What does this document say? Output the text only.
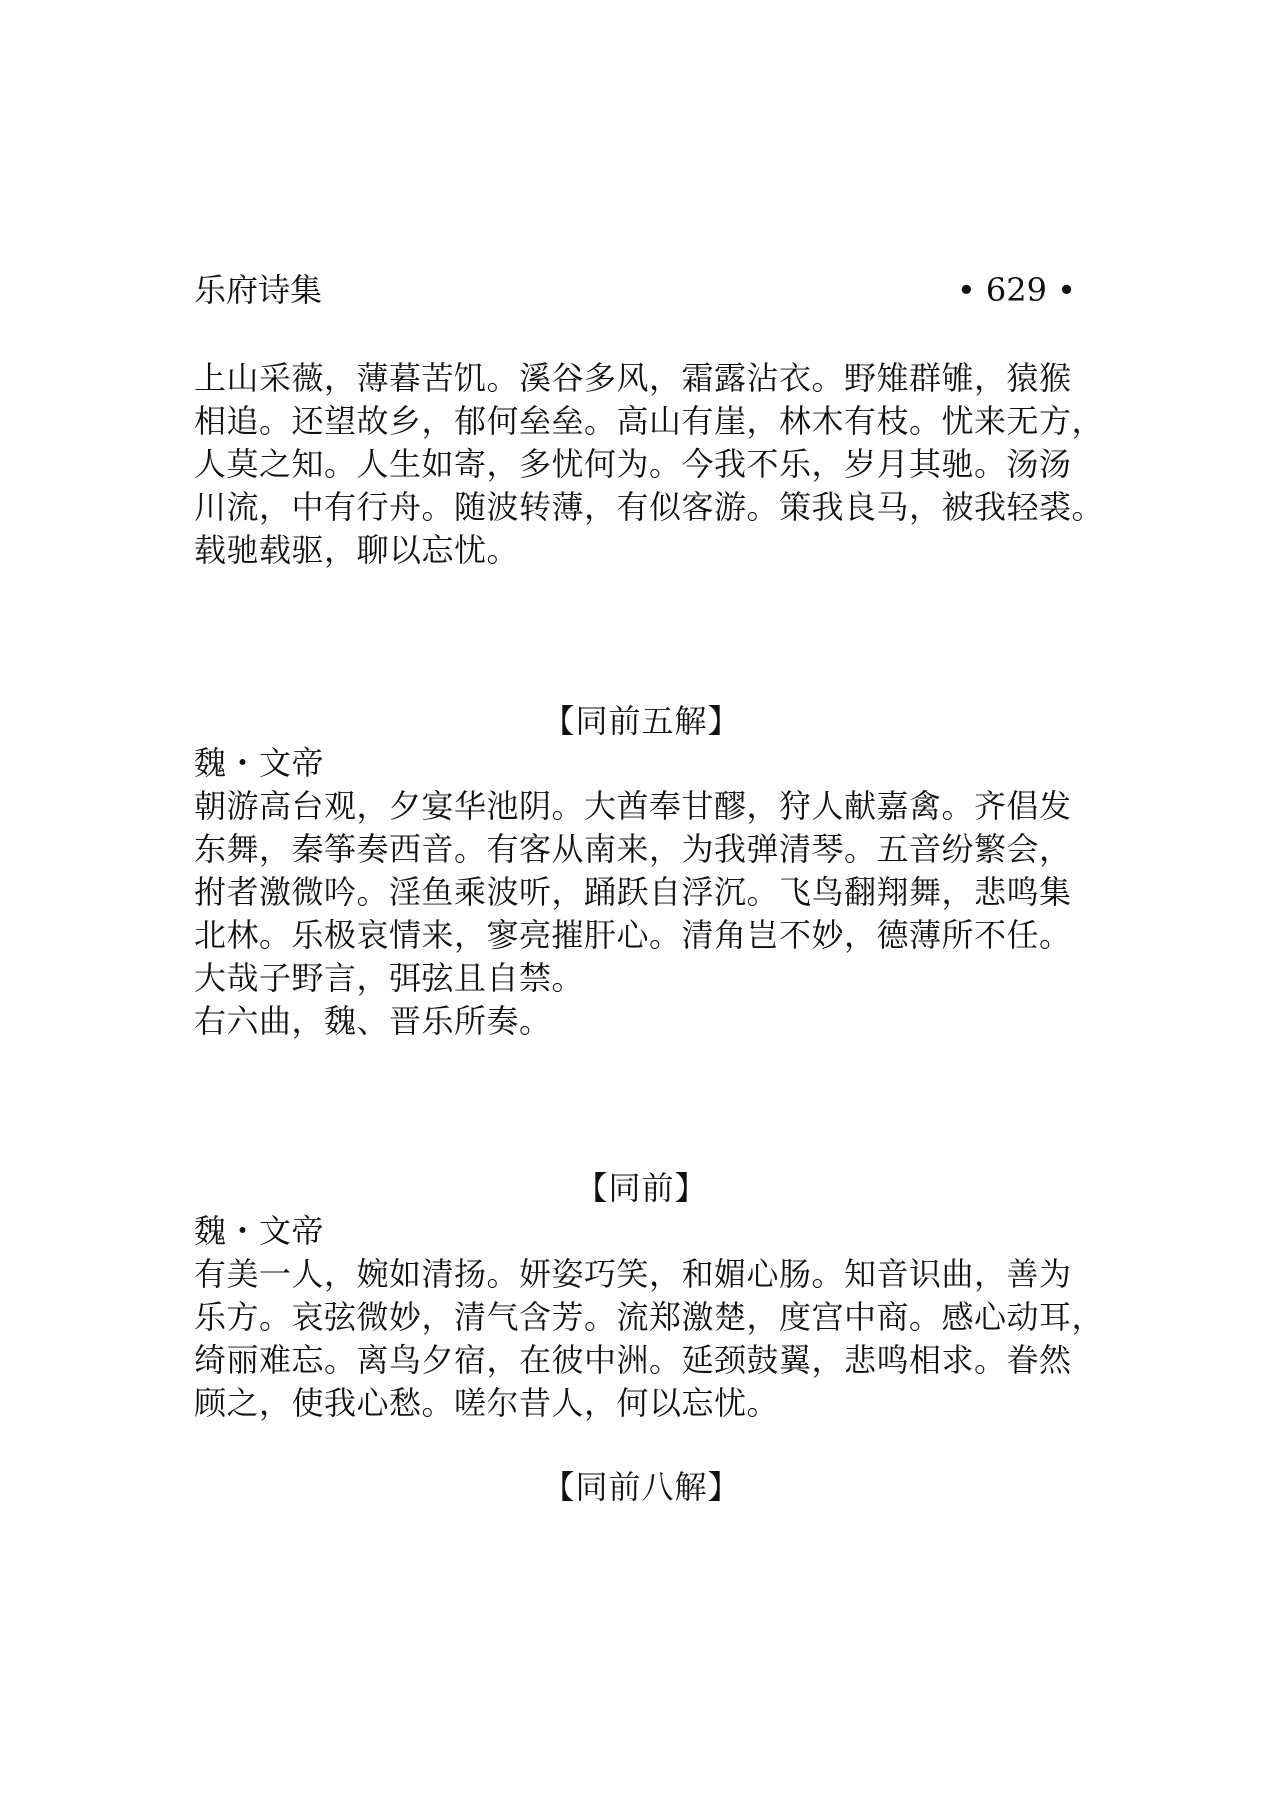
乐府诗集	• 629 •

上山采薇，薄暮苦饥。溪谷多风，霜露沾衣。野雉群雊，猿猴

相追。还望故乡，郁何垒垒。高山有崖，林木有枝。忧来无方，

人莫之知。人生如寄，多忧何为。今我不乐，岁月其驰。汤汤

川流，中有行舟。随波转薄，有似客游。策我良马，被我轻裘。

载驰载驱，聊以忘忧。

【同前五解】

魏・文帝

朝游高台观，夕宴华池阴。大酋奉甘醪，狩人献嘉禽。齐倡发

东舞，秦筝奏西音。有客从南来，为我弹清琴。五音纷繁会，

拊者激微吟。淫鱼乘波听，踊跃自浮沉。飞鸟翻翔舞，悲鸣集

北林。乐极哀情来，寥亮摧肝心。清角岂不妙，德薄所不任。

大哉子野言，弭弦且自禁。

右六曲，魏、晋乐所奏。

【同前】

魏・文帝

有美一人，婉如清扬。妍姿巧笑，和媚心肠。知音识曲，善为

乐方。哀弦微妙，清气含芳。流郑激楚，度宫中商。感心动耳，

绮丽难忘。离鸟夕宿，在彼中洲。延颈鼓翼，悲鸣相求。眷然

顾之，使我心愁。嗟尔昔人，何以忘忧。

【同前八解】
